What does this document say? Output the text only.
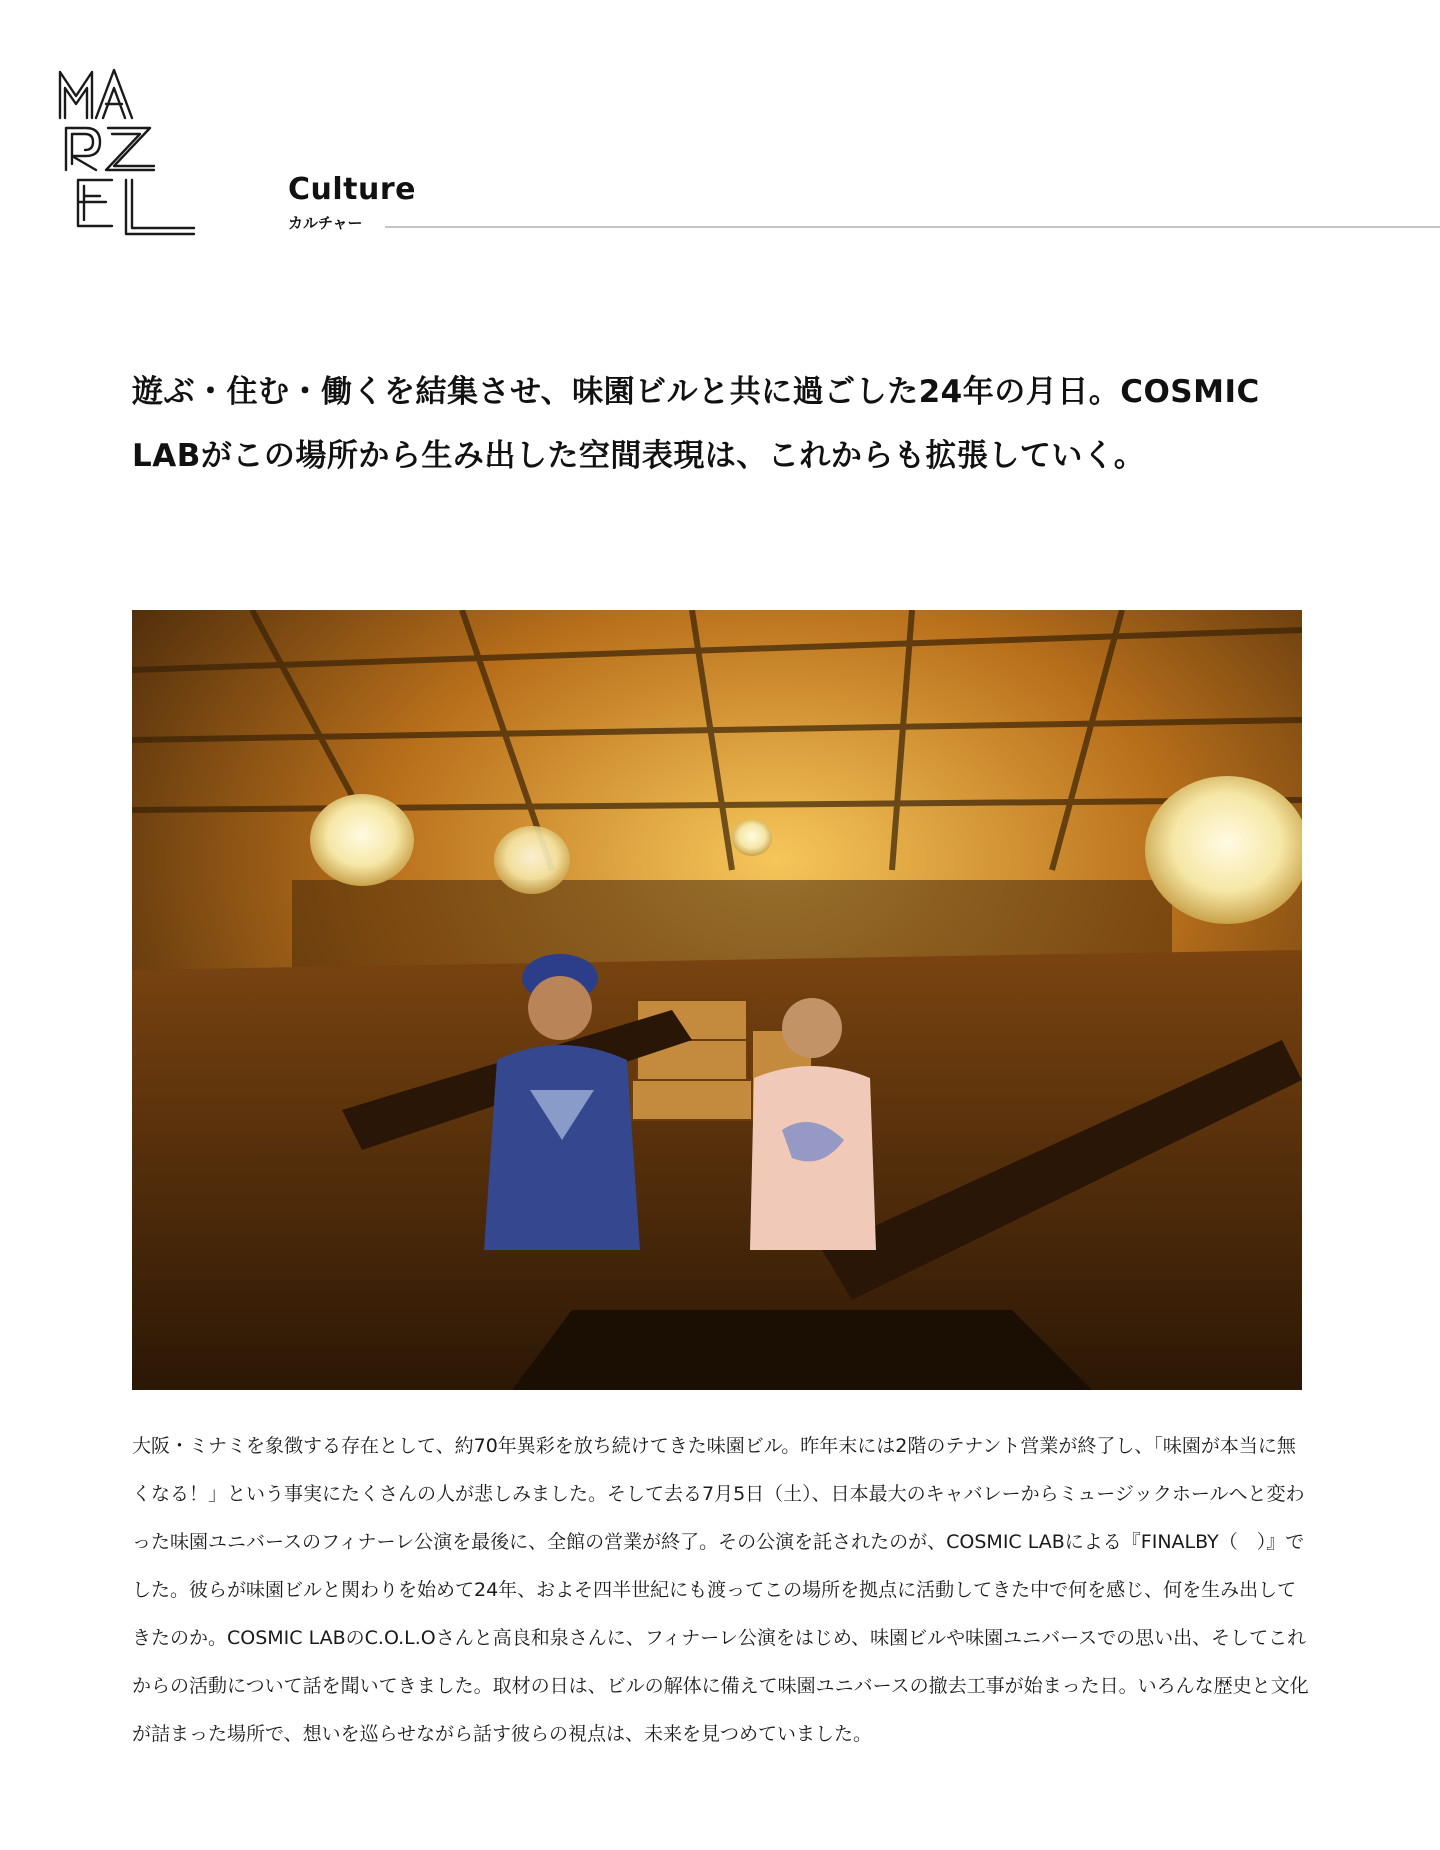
Culture
カルチャー
遊ぶ・住む・働くを結集させ、味園ビルと共に過ごした24年の月日。COSMIC LABがこの場所から生み出した空間表現は、これからも拡張していく。

大阪・ミナミを象徴する存在として、約70年異彩を放ち続けてきた味園ビル。昨年末には2階のテナント営業が終了し、「味園が本当に無くなる！」という事実にたくさんの人が悲しみました。そして去る7月5日（土）、日本最大のキャバレーからミュージックホールへと変わった味園ユニバースのフィナーレ公演を最後に、全館の営業が終了。その公演を託されたのが、COSMIC LABによる『FINALBY（　）』でした。彼らが味園ビルと関わりを始めて24年、およそ四半世紀にも渡ってこの場所を拠点に活動してきた中で何を感じ、何を生み出してきたのか。COSMIC LABのC.O.L.Oさんと高良和泉さんに、フィナーレ公演をはじめ、味園ビルや味園ユニバースでの思い出、そしてこれからの活動について話を聞いてきました。取材の日は、ビルの解体に備えて味園ユニバースの撤去工事が始まった日。いろんな歴史と文化が詰まった場所で、想いを巡らせながら話す彼らの視点は、未来を見つめていました。
